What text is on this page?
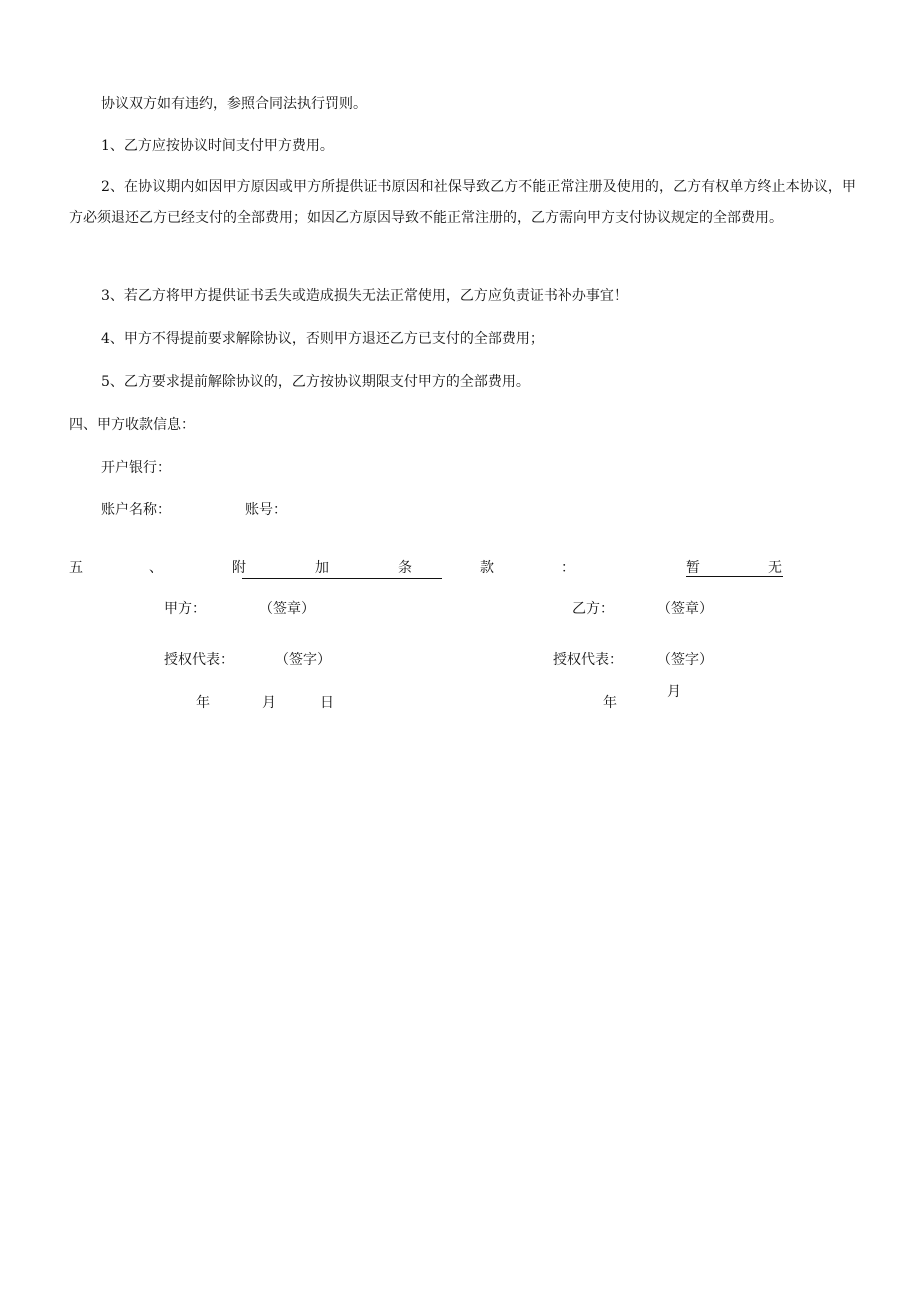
协议双方如有违约，参照合同法执行罚则。
1、乙方应按协议时间支付甲方费用。
2、在协议期内如因甲方原因或甲方所提供证书原因和社保导致乙方不能正常注册及使用的，乙方有权单方终止本协议，甲方必须退还乙方已经支付的全部费用；如因乙方原因导致不能正常注册的，乙方需向甲方支付协议规定的全部费用。
3、若乙方将甲方提供证书丢失或造成损失无法正常使用，乙方应负责证书补办事宜！
4、甲方不得提前要求解除协议，否则甲方退还乙方已支付的全部费用；
5、乙方要求提前解除协议的，乙方按协议期限支付甲方的全部费用。
四、甲方收款信息：
开户银行：
账户名称：	账号：
五	、	附	加	条	款	：	暂	无
甲方：	（签章）
授权代表：	（签字）
年	月	日
乙方：	（签章）
授权代表： （签字）
年
月
